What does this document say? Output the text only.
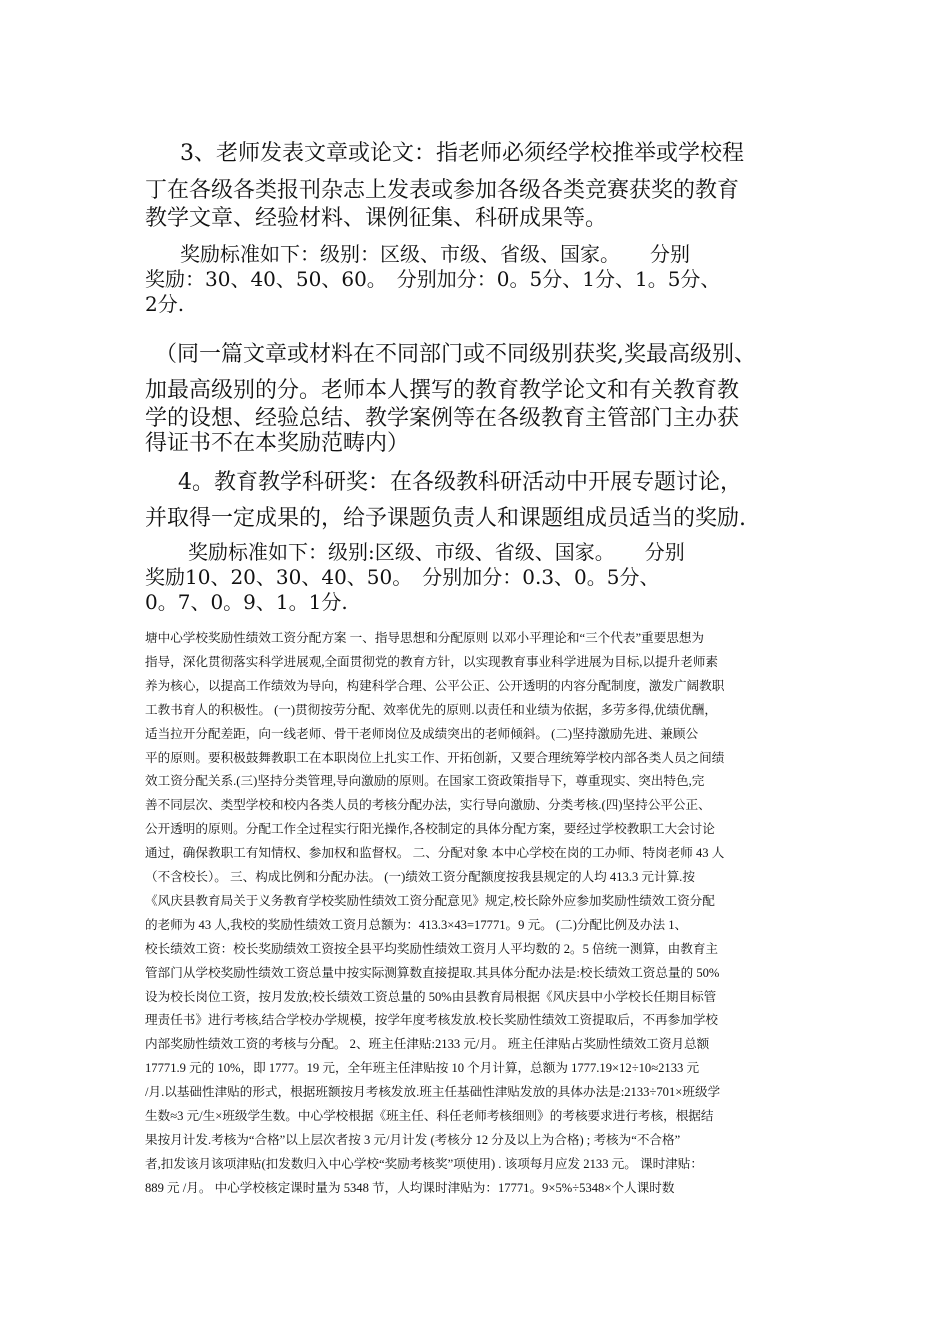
3、老师发表文章或论文：指老师必须经学校推举或学校程

丁在各级各类报刊杂志上发表或参加各级各类竞赛获奖的教育

教学文章、经验材料、课例征集、科研成果等。

奖励标准如下：级别：区级、市级、省级、国家。　　分别

奖励：30、40、50、60。　分别加分：0。5分、1分、1。5分、

2分.

（同一篇文章或材料在不同部门或不同级别获奖,奖最高级别、

加最高级别的分。老师本人撰写的教育教学论文和有关教育教

学的设想、经验总结、教学案例等在各级教育主管部门主办获

得证书不在本奖励范畴内）

4。教育教学科研奖：在各级教科研活动中开展专题讨论，

并取得一定成果的，给予课题负责人和课题组成员适当的奖励.

奖励标准如下：级别:区级、市级、省级、国家。　　分别

奖励10、20、30、40、50。　分别加分：0.3、0。5分、

0。7、0。9、1。1分.

塘中心学校奖励性绩效工资分配方案 一、指导思想和分配原则 以邓小平理论和“三个代表”重要思想为

指导，深化贯彻落实科学进展观,全面贯彻党的教育方针，以实现教育事业科学进展为目标,以提升老师素

养为核心，以提高工作绩效为导向，构建科学合理、公平公正、公开透明的内容分配制度，激发广阔教职

工教书育人的积极性。 (一)贯彻按劳分配、效率优先的原则.以责任和业绩为依据，多劳多得,优绩优酬，

适当拉开分配差距，向一线老师、骨干老师岗位及成绩突出的老师倾斜。 (二)坚持激励先进、兼顾公

平的原则。要积极鼓舞教职工在本职岗位上扎实工作、开拓创新，又要合理统筹学校内部各类人员之间绩

效工资分配关系.(三)坚持分类管理,导向激励的原则。在国家工资政策指导下，尊重现实、突出特色,完

善不同层次、类型学校和校内各类人员的考核分配办法，实行导向激励、分类考核.(四)坚持公平公正、

公开透明的原则。分配工作全过程实行阳光操作,各校制定的具体分配方案，要经过学校教职工大会讨论

通过，确保教职工有知情权、参加权和监督权。 二、分配对象 本中心学校在岗的工办师、特岗老师 43 人

（不含校长）。 三、构成比例和分配办法。 (一)绩效工资分配额度按我县规定的人均 413.3 元计算.按

《风庆县教育局关于义务教育学校奖励性绩效工资分配意见》规定,校长除外应参加奖励性绩效工资分配

的老师为 43 人,我校的奖励性绩效工资月总额为：413.3×43=17771。9 元。 (二)分配比例及办法 1、

校长绩效工资：校长奖励绩效工资按全县平均奖励性绩效工资月人平均数的 2。5 倍统一测算，由教育主

管部门从学校奖励性绩效工资总量中按实际测算数直接提取.其具体分配办法是:校长绩效工资总量的 50%

设为校长岗位工资，按月发放;校长绩效工资总量的 50%由县教育局根据《风庆县中小学校长任期目标管

理责任书》进行考核,结合学校办学规模，按学年度考核发放.校长奖励性绩效工资提取后，不再参加学校

内部奖励性绩效工资的考核与分配。 2、班主任津贴:2133 元/月。 班主任津贴占奖励性绩效工资月总额

17771.9 元的 10%，即 1777。19 元，全年班主任津贴按 10 个月计算，总额为 1777.19×12÷10≈2133 元

/月.以基础性津贴的形式，根据班额按月考核发放.班主任基础性津贴发放的具体办法是:2133÷701×班级学

生数≈3 元/生×班级学生数。中心学校根据《班主任、科任老师考核细则》的考核要求进行考核，根据结

果按月计发.考核为“合格”以上层次者按 3 元/月计发 (考核分 12 分及以上为合格) ; 考核为“不合格”

者,扣发该月该项津贴(扣发数归入中心学校“奖励考核奖”项使用) . 该项每月应发 2133 元。 课时津贴：

889 元 /月。 中心学校核定课时量为 5348 节，人均课时津贴为：17771。9×5%÷5348×个人课时数
